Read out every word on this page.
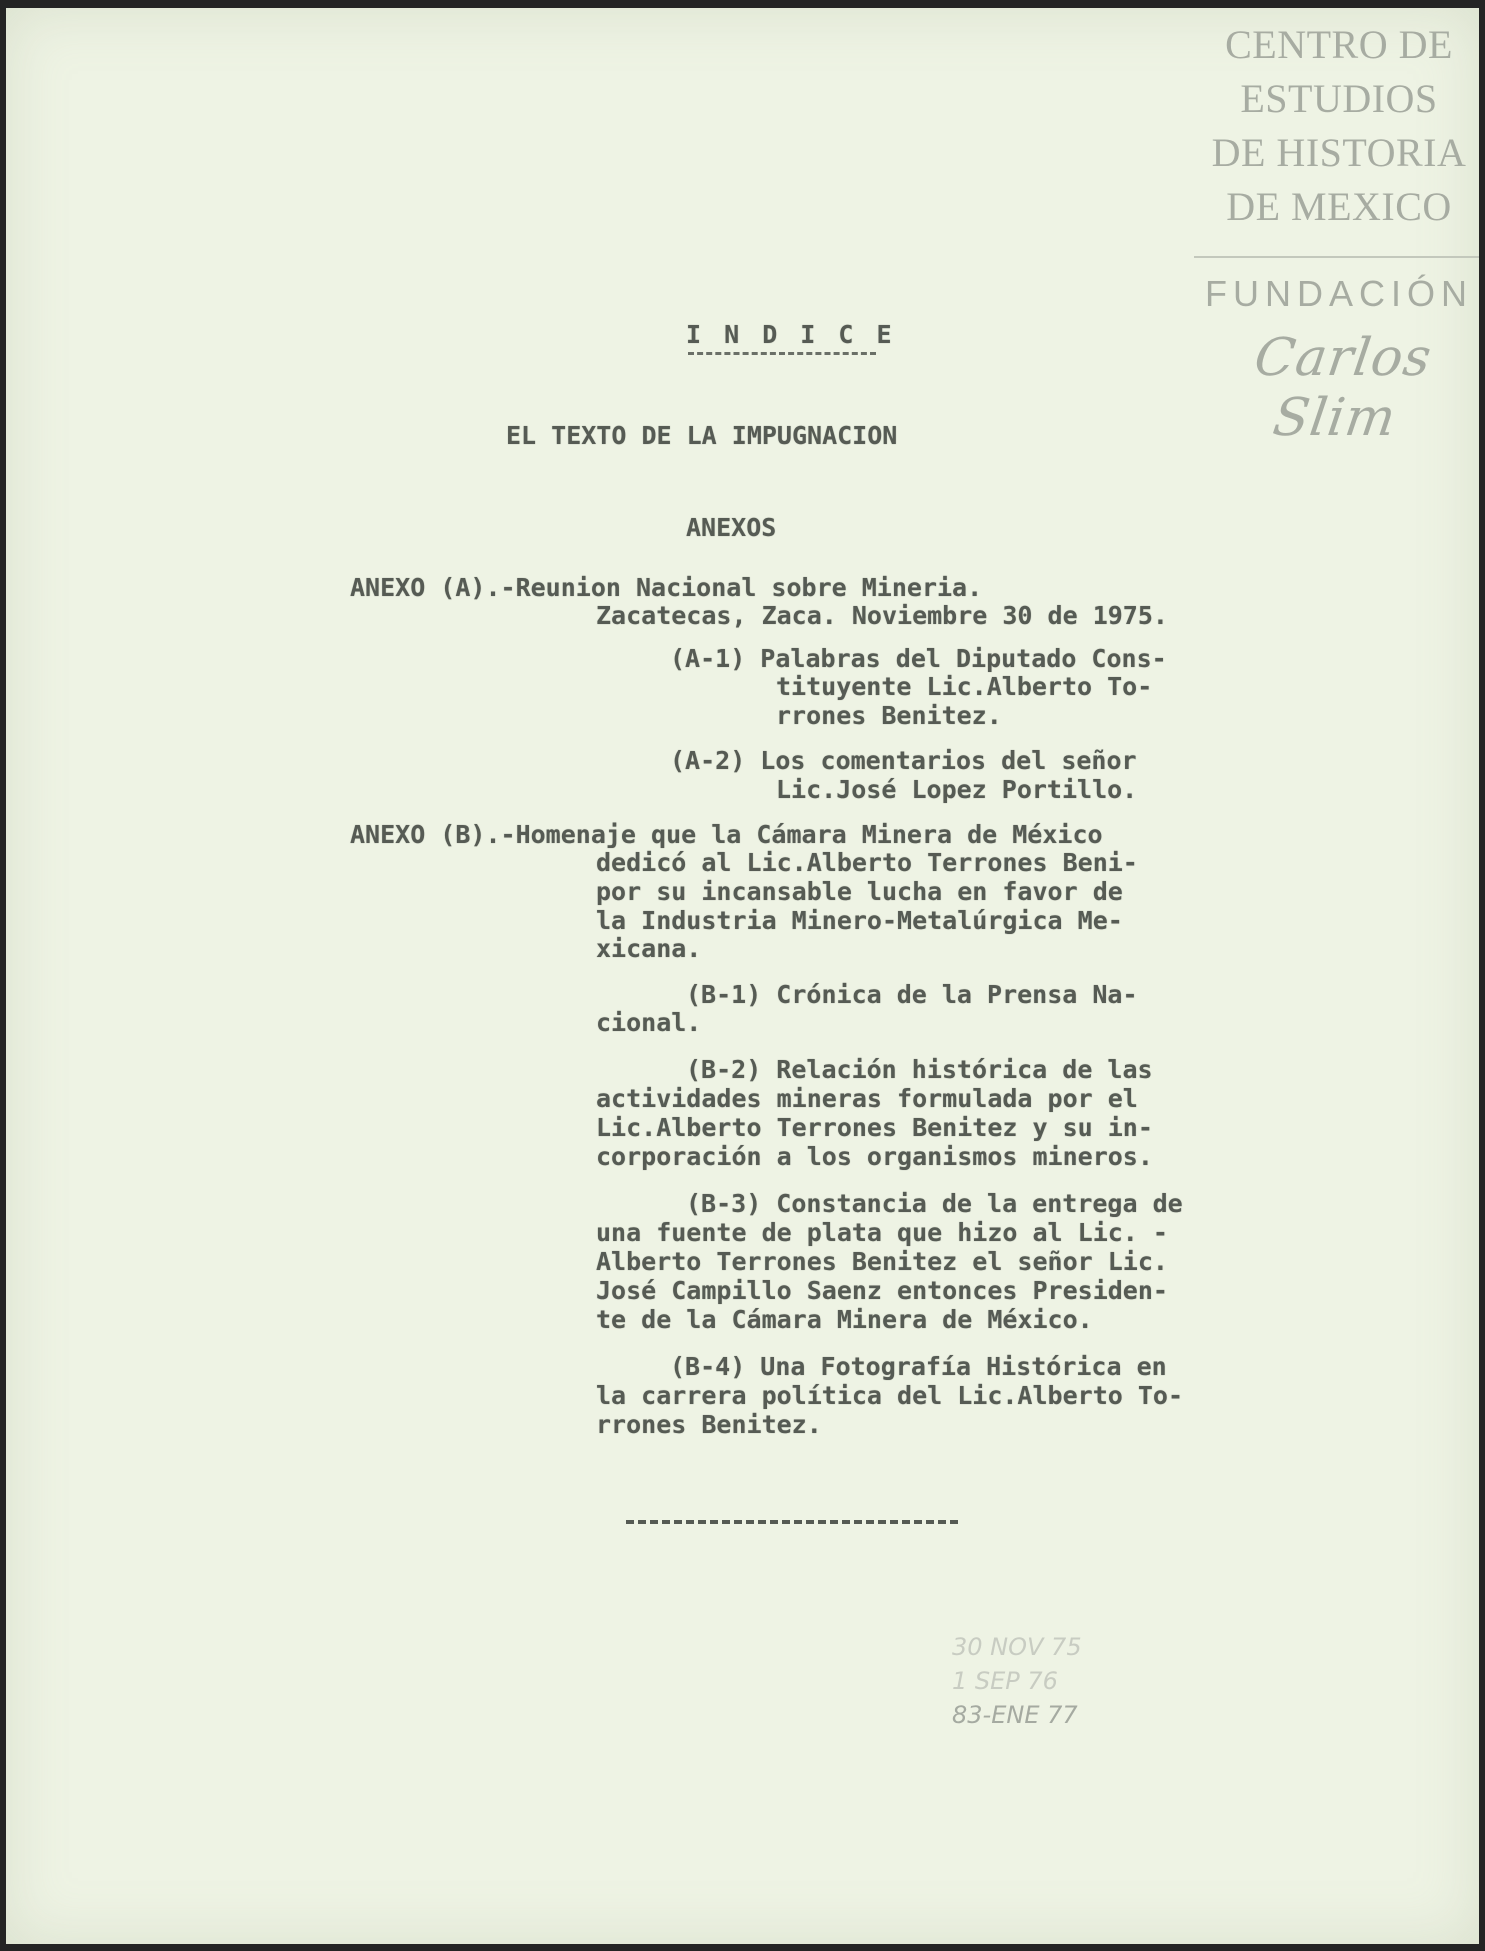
CENTRO DE
ESTUDIOS
DE HISTORIA
DE MEXICO
FUNDACIÓN
Carlos Slim
I N D I C E
EL TEXTO DE LA IMPUGNACION
ANEXOS
ANEXO (A).-Reunion Nacional sobre Mineria.
Zacatecas, Zaca. Noviembre 30 de 1975.
(A-1) Palabras del Diputado Cons-
tituyente Lic.Alberto To-
rrones Benitez.
(A-2) Los comentarios del señor
Lic.José Lopez Portillo.
ANEXO (B).-Homenaje que la Cámara Minera de México
dedicó al Lic.Alberto Terrones Beni-
por su incansable lucha en favor de
la Industria Minero-Metalúrgica Me-
xicana.
(B-1) Crónica de la Prensa Na-
cional.
(B-2) Relación histórica de las
actividades mineras formulada por el
Lic.Alberto Terrones Benitez y su in-
corporación a los organismos mineros.
(B-3) Constancia de la entrega de
una fuente de plata que hizo al Lic. -
Alberto Terrones Benitez el señor Lic.
José Campillo Saenz entonces Presiden-
te de la Cámara Minera de México.
(B-4) Una Fotografía Histórica en
la carrera política del Lic.Alberto To-
rrones Benitez.
30 NOV 75
1 SEP 76
83-ENE 77
